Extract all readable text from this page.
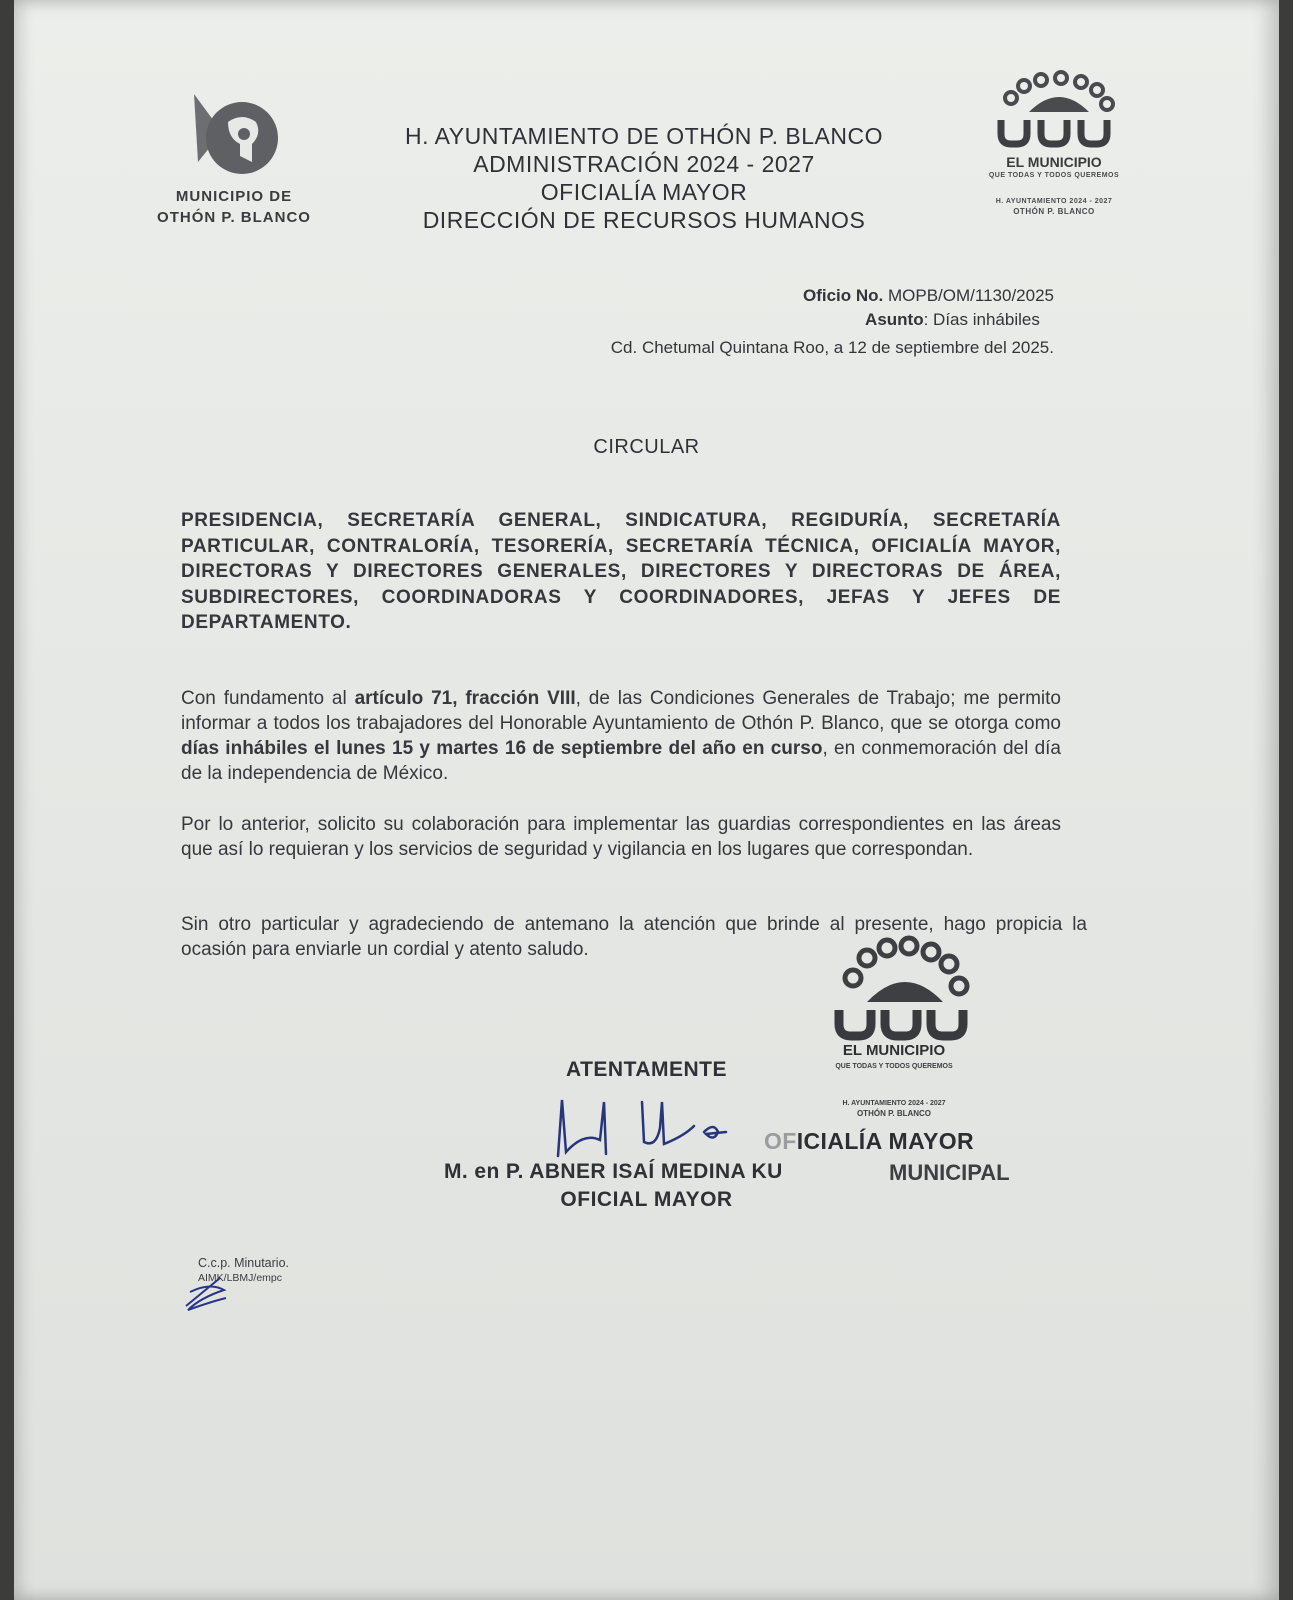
MUNICIPIO DE
OTHÓN P. BLANCO
H. AYUNTAMIENTO DE OTHÓN P. BLANCO
ADMINISTRACIÓN 2024 - 2027
OFICIALÍA MAYOR
DIRECCIÓN DE RECURSOS HUMANOS
EL MUNICIPIO
QUE TODAS Y TODOS QUEREMOS
H. AYUNTAMIENTO 2024 - 2027
OTHÓN P. BLANCO
Oficio No. MOPB/OM/1130/2025
Asunto: Días inhábiles
Cd. Chetumal Quintana Roo, a 12 de septiembre del 2025.
CIRCULAR
PRESIDENCIA, SECRETARÍA GENERAL, SINDICATURA, REGIDURÍA, SECRETARÍA PARTICULAR, CONTRALORÍA, TESORERÍA, SECRETARÍA TÉCNICA, OFICIALÍA MAYOR, DIRECTORAS Y DIRECTORES GENERALES, DIRECTORES Y DIRECTORAS DE ÁREA, SUBDIRECTORES, COORDINADORAS Y COORDINADORES, JEFAS Y JEFES DE DEPARTAMENTO.
Con fundamento al artículo 71, fracción VIII, de las Condiciones Generales de Trabajo; me permito informar a todos los trabajadores del Honorable Ayuntamiento de Othón P. Blanco, que se otorga como días inhábiles el lunes 15 y martes 16 de septiembre del año en curso, en conmemoración del día de la independencia de México.
Por lo anterior, solicito su colaboración para implementar las guardias correspondientes en las áreas que así lo requieran y los servicios de seguridad y vigilancia en los lugares que correspondan.
Sin otro particular y agradeciendo de antemano la atención que brinde al presente, hago propicia la ocasión para enviarle un cordial y atento saludo.
EL MUNICIPIO
QUE TODAS Y TODOS QUEREMOS
H. AYUNTAMIENTO 2024 - 2027
OTHÓN P. BLANCO
OFICIALÍA MAYOR
ATENTAMENTE
M. en P. ABNER ISAÍ MEDINA KU	MUNICIPAL
OFICIAL MAYOR
C.c.p. Minutario.
AIMK/LBMJ/empc
